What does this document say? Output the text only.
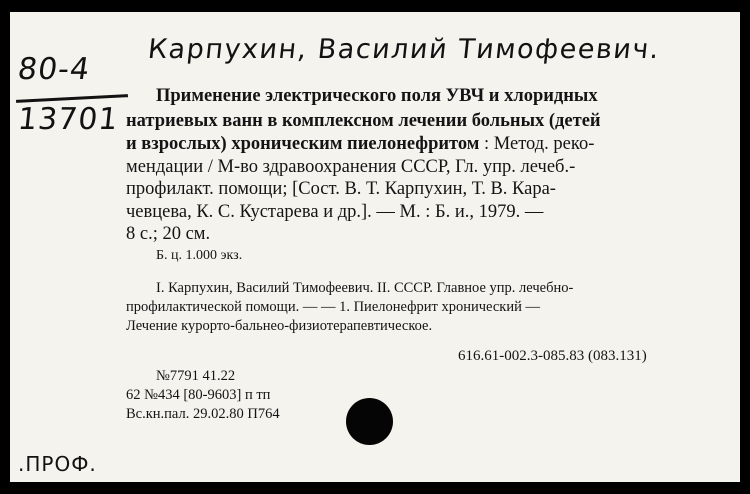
Карпухин, Василий Тимофеевич.
80-4
13701
Применение электрического поля УВЧ и хлоридных
натриевых ванн в комплексном лечении больных (детей
и взрослых) хроническим пиелонефритом : Метод. реко-
мендации / М-во здравоохранения СССР, Гл. упр. лечеб.-
профилакт. помощи; [Сост. В. Т. Карпухин, Т. В. Кара-
чевцева, К. С. Кустарева и др.]. — М. : Б. и., 1979. —
8 с.; 20 см.
Б. ц. 1.000 экз.
I. Карпухин, Василий Тимофеевич. II. СССР. Главное упр. лечебно-
профилактической помощи. — — 1. Пиелонефрит хронический —
Лечение курорто-бальнео-физиотерапевтическое.
616.61-002.3-085.83 (083.131)
№7791 41.22
62 №434 [80-9603] п тп
Вс.кн.пал. 29.02.80 П764
.ПРОФ.
